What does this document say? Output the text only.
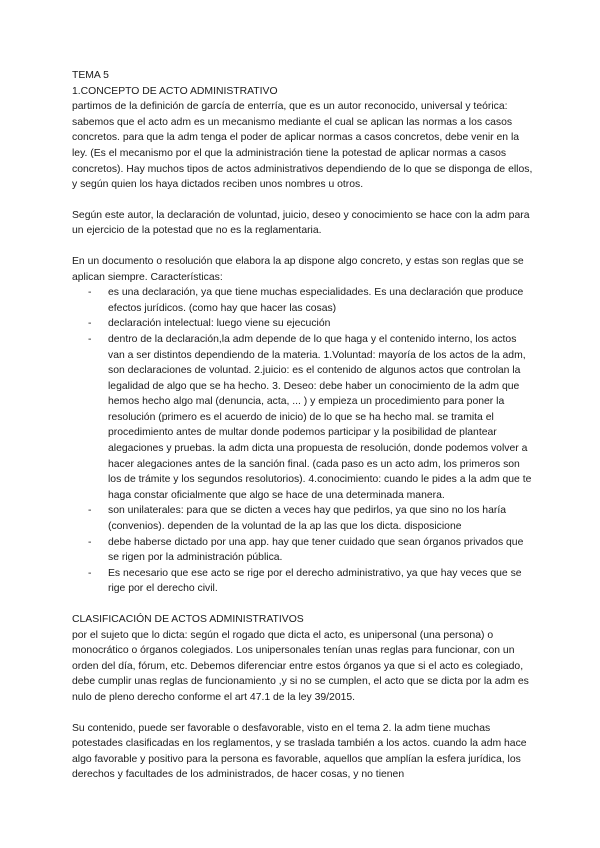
TEMA 5

1.CONCEPTO DE ACTO ADMINISTRATIVO

partimos de la definición de garcía de enterría, que es un autor reconocido, universal y teórica: sabemos que el acto adm es un mecanismo mediante el cual se aplican las normas a los casos concretos. para que la adm tenga el poder de aplicar normas a casos concretos, debe venir en la ley. (Es el mecanismo por el que la administración tiene la potestad de aplicar normas a casos concretos). Hay muchos tipos de actos administrativos dependiendo de lo que se disponga de ellos, y según quien los haya dictados reciben unos nombres u otros.

Según este autor, la declaración de voluntad, juicio, deseo y conocimiento se hace con la adm para un ejercicio de la potestad que no es la reglamentaria.

En un documento o resolución que elabora la ap dispone algo concreto, y estas son reglas que se aplican siempre. Características:

- es una declaración, ya que tiene muchas especialidades. Es una declaración que produce efectos jurídicos. (como hay que hacer las cosas)
- declaración intelectual: luego viene su ejecución
- dentro de la declaración,la adm depende de lo que haga y el contenido interno, los actos van a ser distintos dependiendo de la materia. 1.Voluntad: mayoría de los actos de la adm, son declaraciones de voluntad. 2.juicio: es el contenido de algunos actos que controlan la legalidad de algo que se ha hecho. 3. Deseo: debe haber un conocimiento de la adm que hemos hecho algo mal (denuncia, acta, ... ) y empieza un procedimiento para poner la resolución (primero es el acuerdo de inicio) de lo que se ha hecho mal. se tramita el procedimiento antes de multar donde podemos participar y la posibilidad de plantear alegaciones y pruebas. la adm dicta una propuesta de resolución, donde podemos volver a hacer alegaciones antes de la sanción final. (cada paso es un acto adm, los primeros son los de trámite y los segundos resolutorios). 4.conocimiento: cuando le pides a la adm que te haga constar oficialmente que algo se hace de una determinada manera.
- son unilaterales: para que se dicten a veces hay que pedirlos, ya que sino no los haría (convenios). dependen de la voluntad de la ap las que los dicta. disposicione
- debe haberse dictado por una app. hay que tener cuidado que sean órganos privados que se rigen por la administración pública.
- Es necesario que ese acto se rige por el derecho administrativo, ya que hay veces que se rige por el derecho civil.

CLASIFICACIÓN DE ACTOS ADMINISTRATIVOS

por el sujeto que lo dicta: según el rogado que dicta el acto, es unipersonal (una persona) o monocrático o órganos colegiados. Los unipersonales tenían unas reglas para funcionar, con un orden del día, fórum, etc. Debemos diferenciar entre estos órganos ya que si el acto es colegiado, debe cumplir unas reglas de funcionamiento ,y si no se cumplen, el acto que se dicta por la adm es nulo de pleno derecho conforme el art 47.1 de la ley 39/2015.

Su contenido, puede ser favorable o desfavorable, visto en el tema 2. la adm tiene muchas potestades clasificadas en los reglamentos, y se traslada también a los actos. cuando la adm hace algo favorable y positivo para la persona es favorable, aquellos que amplían la esfera jurídica, los derechos y facultades de los administrados, de hacer cosas, y no tienen
